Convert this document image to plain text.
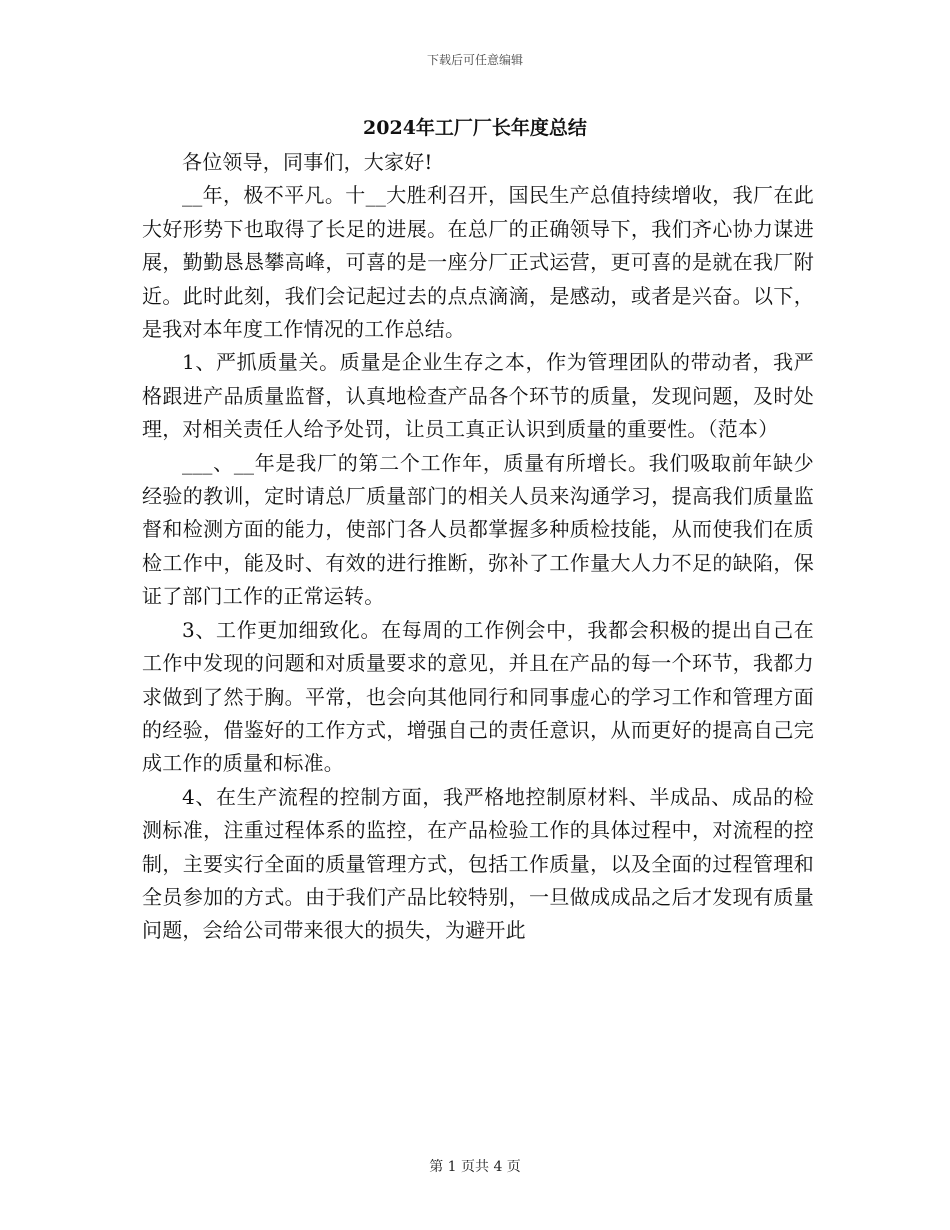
下载后可任意编辑
2024年工厂厂长年度总结

各位领导，同事们，大家好!

__年，极不平凡。十__大胜利召开，国民生产总值持续增收，我厂在此大好形势下也取得了长足的进展。在总厂的正确领导下，我们齐心协力谋进展，勤勤恳恳攀高峰，可喜的是一座分厂正式运营，更可喜的是就在我厂附近。此时此刻，我们会记起过去的点点滴滴，是感动，或者是兴奋。以下，是我对本年度工作情况的工作总结。

1、严抓质量关。质量是企业生存之本，作为管理团队的带动者，我严格跟进产品质量监督，认真地检查产品各个环节的质量，发现问题，及时处理，对相关责任人给予处罚，让员工真正认识到质量的重要性。（范本）

___、__年是我厂的第二个工作年，质量有所增长。我们吸取前年缺少经验的教训，定时请总厂质量部门的相关人员来沟通学习，提高我们质量监督和检测方面的能力，使部门各人员都掌握多种质检技能，从而使我们在质检工作中，能及时、有效的进行推断，弥补了工作量大人力不足的缺陷，保证了部门工作的正常运转。

3、工作更加细致化。在每周的工作例会中，我都会积极的提出自己在工作中发现的问题和对质量要求的意见，并且在产品的每一个环节，我都力求做到了然于胸。平常，也会向其他同行和同事虚心的学习工作和管理方面的经验，借鉴好的工作方式，增强自己的责任意识，从而更好的提高自己完成工作的质量和标准。

4、在生产流程的控制方面，我严格地控制原材料、半成品、成品的检测标准，注重过程体系的监控，在产品检验工作的具体过程中，对流程的控制，主要实行全面的质量管理方式，包括工作质量，以及全面的过程管理和全员参加的方式。由于我们产品比较特别，一旦做成成品之后才发现有质量问题，会给公司带来很大的损失，为避开此

第 1 页共 4 页
